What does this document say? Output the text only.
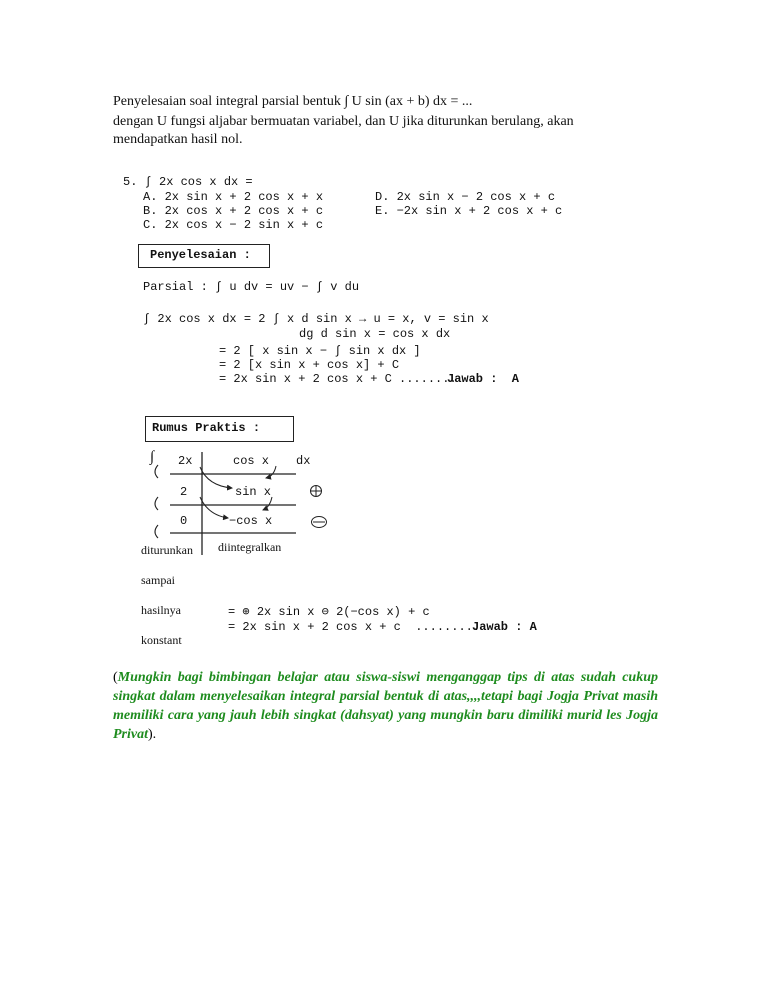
Penyelesaian soal integral parsial bentuk ∫ U sin (ax + b) dx = ...
dengan U fungsi aljabar bermuatan variabel, dan U jika diturunkan berulang, akan
mendapatkan hasil nol.
5. ∫ 2x cos x dx =
A. 2x sin x + 2 cos x + x
B. 2x cos x + 2 cos x + c
C. 2x cos x − 2 sin x + c
D. 2x sin x − 2 cos x + c
E. −2x sin x + 2 cos x + c
Penyelesaian :
Parsial : ∫ u dv = uv − ∫ v du
∫ 2x cos x dx = 2 ∫ x d sin x → u = x, v = sin x
dg d sin x = cos x dx
= 2 [ x sin x − ∫ sin x dx ]
= 2 [x sin x + cos x] + C
= 2x sin x + 2 cos x + C ........
Jawab :  A
Rumus Praktis :
∫ 2x	cos x dx
2	sin x
0	−cos x
diturunkan diintegralkan
sampai
hasilnya
konstant
= ⊕ 2x sin x ⊖ 2(−cos x) + c
= 2x sin x + 2 cos x + c  .........
Jawab : A
(Mungkin bagi bimbingan belajar atau siswa-siswi menganggap tips di atas sudah cukup singkat dalam menyelesaikan integral parsial bentuk di atas,,,,tetapi bagi Jogja Privat masih memiliki cara yang jauh lebih singkat (dahsyat) yang mungkin baru dimiliki murid les Jogja Privat).
